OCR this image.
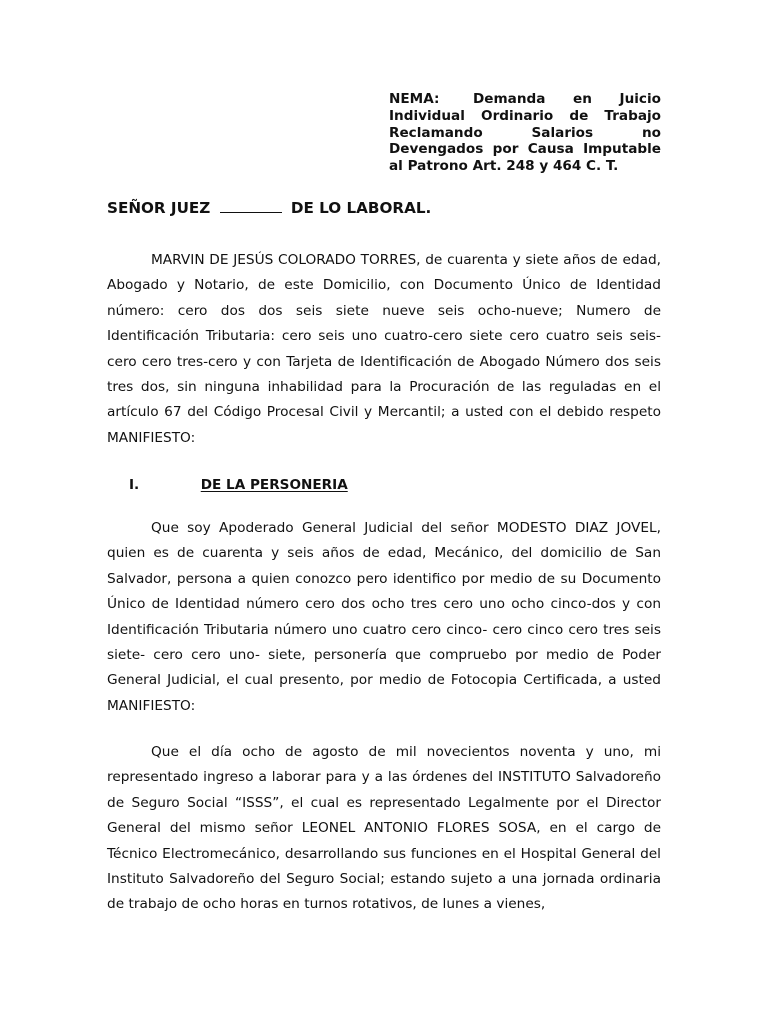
NEMA: Demanda en Juicio Individual Ordinario de Trabajo Reclamando Salarios no Devengados por Causa Imputable al Patrono Art. 248 y 464 C. T.
SEÑOR JUEZ	DE LO LABORAL.

MARVIN DE JESÚS COLORADO TORRES, de cuarenta y siete años de edad, Abogado y Notario, de este Domicilio, con Documento Único de Identidad número: cero dos dos seis siete nueve seis ocho-nueve; Numero de Identificación Tributaria: cero seis uno cuatro-cero siete cero cuatro seis seis-cero cero tres-cero y con Tarjeta de Identificación de Abogado Número dos seis tres dos, sin ninguna inhabilidad para la Procuración de las reguladas en el artículo 67 del Código Procesal Civil y Mercantil; a usted con el debido respeto MANIFIESTO:

I.	DE LA PERSONERIA

Que soy Apoderado General Judicial del señor MODESTO DIAZ JOVEL, quien es de cuarenta y seis años de edad, Mecánico, del domicilio de San Salvador, persona a quien conozco pero identifico por medio de su Documento Único de Identidad número cero dos ocho tres cero uno ocho cinco-dos y con Identificación Tributaria número uno cuatro cero cinco- cero cinco cero tres seis siete- cero cero uno- siete, personería que compruebo por medio de Poder General Judicial, el cual presento, por medio de Fotocopia Certificada, a usted MANIFIESTO:

Que el día ocho de agosto de mil novecientos noventa y uno, mi representado ingreso a laborar para y a las órdenes del INSTITUTO Salvadoreño de Seguro Social “ISSS”, el cual es representado Legalmente por el Director General del mismo señor LEONEL ANTONIO FLORES SOSA, en el cargo de Técnico Electromecánico, desarrollando sus funciones en el Hospital General del Instituto Salvadoreño del Seguro Social; estando sujeto a una jornada ordinaria de trabajo de ocho horas en turnos rotativos, de lunes a vienes,
